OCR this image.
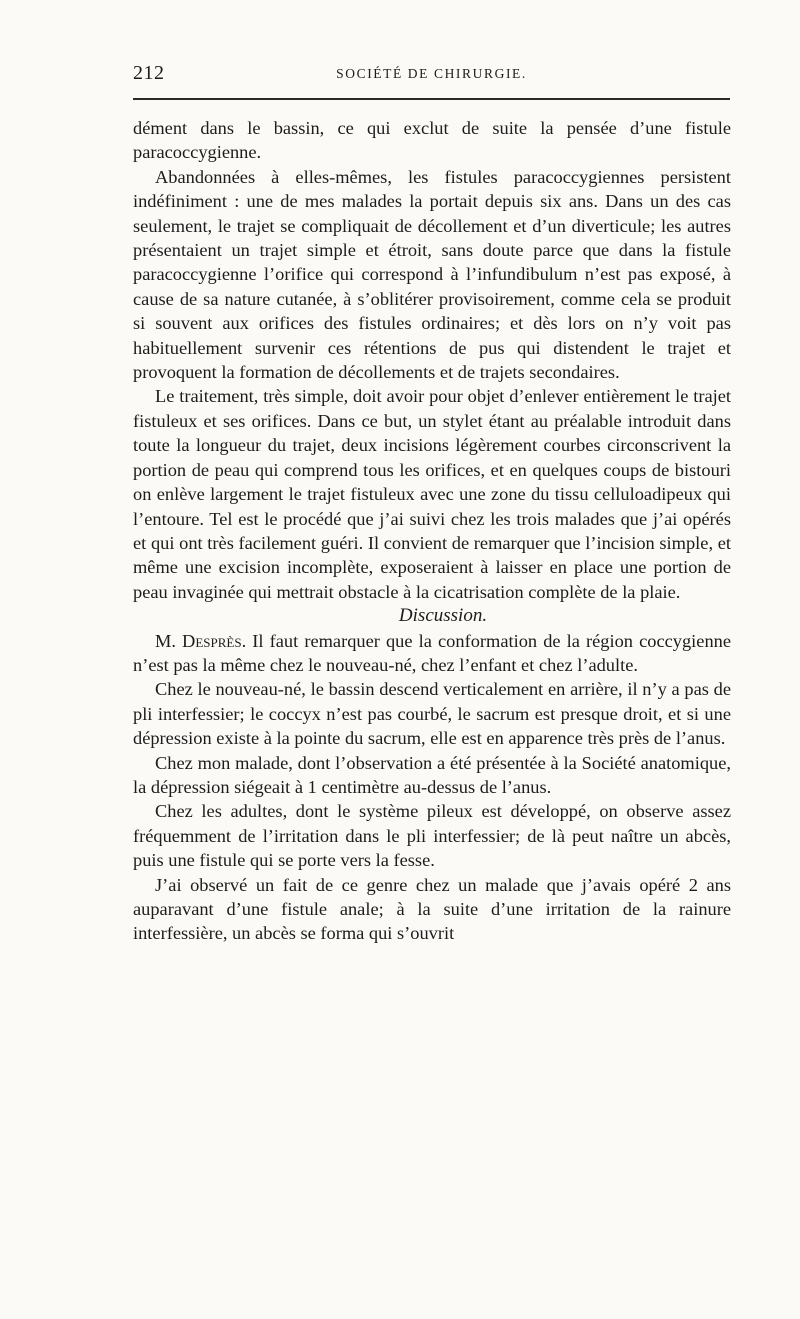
212	SOCIÉTÉ DE CHIRURGIE.

dément dans le bassin, ce qui exclut de suite la pensée d’une fistule paracoccygienne.

Abandonnées à elles-mêmes, les fistules paracoccygiennes persistent indéfiniment : une de mes malades la portait depuis six ans. Dans un des cas seulement, le trajet se compliquait de décollement et d’un diverticule; les autres présentaient un trajet simple et étroit, sans doute parce que dans la fistule paracoccygienne l’orifice qui correspond à l’infundibulum n’est pas exposé, à cause de sa nature cutanée, à s’oblitérer provisoirement, comme cela se produit si souvent aux orifices des fistules ordinaires; et dès lors on n’y voit pas habituellement survenir ces rétentions de pus qui distendent le trajet et provoquent la formation de décollements et de trajets secondaires.

Le traitement, très simple, doit avoir pour objet d’enlever entièrement le trajet fistuleux et ses orifices. Dans ce but, un stylet étant au préalable introduit dans toute la longueur du trajet, deux incisions légèrement courbes circonscrivent la portion de peau qui comprend tous les orifices, et en quelques coups de bistouri on enlève largement le trajet fistuleux avec une zone du tissu celluloadipeux qui l’entoure. Tel est le procédé que j’ai suivi chez les trois malades que j’ai opérés et qui ont très facilement guéri. Il convient de remarquer que l’incision simple, et même une excision incomplète, exposeraient à laisser en place une portion de peau invaginée qui mettrait obstacle à la cicatrisation complète de la plaie.

Discussion.

M. Desprès. Il faut remarquer que la conformation de la région coccygienne n’est pas la même chez le nouveau-né, chez l’enfant et chez l’adulte.

Chez le nouveau-né, le bassin descend verticalement en arrière, il n’y a pas de pli interfessier; le coccyx n’est pas courbé, le sacrum est presque droit, et si une dépression existe à la pointe du sacrum, elle est en apparence très près de l’anus.

Chez mon malade, dont l’observation a été présentée à la Société anatomique, la dépression siégeait à 1 centimètre au-dessus de l’anus.

Chez les adultes, dont le système pileux est développé, on observe assez fréquemment de l’irritation dans le pli interfessier; de là peut naître un abcès, puis une fistule qui se porte vers la fesse.

J’ai observé un fait de ce genre chez un malade que j’avais opéré 2 ans auparavant d’une fistule anale; à la suite d’une irritation de la rainure interfessière, un abcès se forma qui s’ouvrit
